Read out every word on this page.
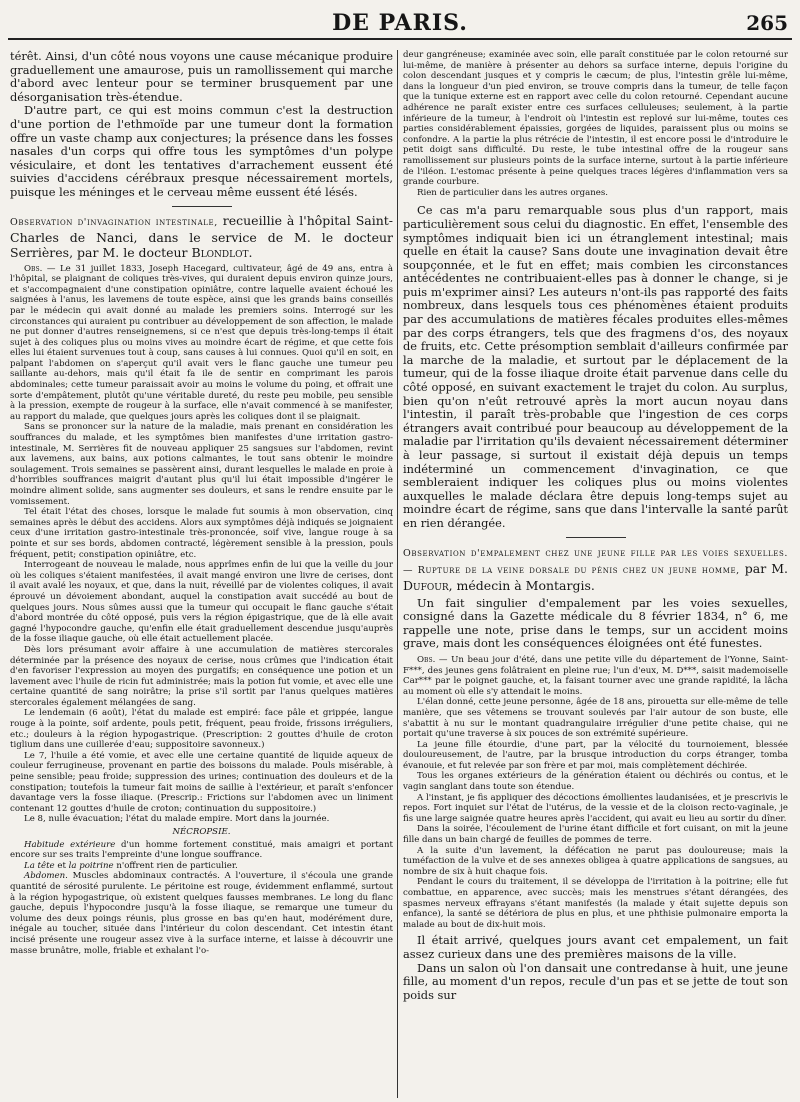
DE PARIS.	265

térêt. Ainsi, d'un côté nous voyons une cause mécanique produire graduellement une amaurose, puis un ramollissement qui marche d'abord avec lenteur pour se terminer brusquement par une désorganisation très-étendue.

D'autre part, ce qui est moins commun c'est la destruction d'une portion de l'ethmoïde par une tumeur dont la formation offre un vaste champ aux conjectures; la présence dans les fosses nasales d'un corps qui offre tous les symptômes d'un polype vésiculaire, et dont les tentatives d'arrachement eussent été suivies d'accidens cérébraux presque nécessairement mortels, puisque les méninges et le cerveau même eussent été lésés.

Observation d'invagination intestinale, recueillie à l'hôpital Saint-Charles de Nanci, dans le service de M. le docteur Serrières, par M. le docteur Blondlot.

Obs. — Le 31 juillet 1833, Joseph Hacegard, cultivateur, âgé de 49 ans, entra à l'hôpital, se plaignant de coliques très-vives, qui duraient depuis environ quinze jours, et s'accompagnaient d'une constipation opiniâtre, contre laquelle avaient échoué les saignées à l'anus, les lavemens de toute espèce, ainsi que les grands bains conseillés par le médecin qui avait donné au malade les premiers soins. Interrogé sur les circonstances qui auraient pu contribuer au développement de son affection, le malade ne put donner d'autres renseignemens, si ce n'est que depuis très-long-temps il était sujet à des coliques plus ou moins vives au moindre écart de régime, et que cette fois elles lui étaient survenues tout à coup, sans causes à lui connues. Quoi qu'il en soit, en palpant l'abdomen on s'aperçut qu'il avait vers le flanc gauche une tumeur peu saillante au-dehors, mais qu'il était fa ile de sentir en comprimant les parois abdominales; cette tumeur paraissait avoir au moins le volume du poing, et offrait une sorte d'empâtement, plutôt qu'une véritable dureté, du reste peu mobile, peu sensible à la pression, exempte de rougeur à la surface, elle n'avait commencé à se manifester, au rapport du malade, que quelques jours après les coliques dont il se plaignait.

Sans se prononcer sur la nature de la maladie, mais prenant en considération les souffrances du malade, et les symptômes bien manifestes d'une irritation gastro-intestinale, M. Serrières fit de nouveau appliquer 25 sangsues sur l'abdomen, revint aux lavemens, aux bains, aux potions calmantes, le tout sans obtenir le moindre soulagement. Trois semaines se passèrent ainsi, durant lesquelles le malade en proie à d'horribles souffrances maigrit d'autant plus qu'il lui était impossible d'ingérer le moindre aliment solide, sans augmenter ses douleurs, et sans le rendre ensuite par le vomissement.

Tel était l'état des choses, lorsque le malade fut soumis à mon observation, cinq semaines après le début des accidens. Alors aux symptômes déjà indiqués se joignaient ceux d'une irritation gastro-intestinale très-prononcée, soif vive, langue rouge à sa pointe et sur ses bords, abdomen contracté, légèrement sensible à la pression, pouls fréquent, petit; constipation opiniâtre, etc.

Interrogeant de nouveau le malade, nous apprîmes enfin de lui que la veille du jour où les coliques s'étaient manifestées, il avait mangé environ une livre de cerises, dont il avait avalé les noyaux, et que, dans la nuit, réveillé par de violentes coliques, il avait éprouvé un dévoiement abondant, auquel la constipation avait succédé au bout de quelques jours. Nous sûmes aussi que la tumeur qui occupait le flanc gauche s'était d'abord montrée du côté opposé, puis vers la région épigastrique, que de là elle avait gagné l'hypocondre gauche, qu'enfin elle était graduellement descendue jusqu'auprès de la fosse iliaque gauche, où elle était actuellement placée.

Dès lors présumant avoir affaire à une accumulation de matières stercorales déterminée par la présence des noyaux de cerise, nous crûmes que l'indication était d'en favoriser l'expression au moyen des purgatifs; en conséquence une potion et un lavement avec l'huile de ricin fut administrée; mais la potion fut vomie, et avec elle une certaine quantité de sang noirâtre; la prise s'il sortit par l'anus quelques matières stercorales également mélangées de sang.

Le lendemain (6 août), l'état du malade est empiré: face pâle et grippée, langue rouge à la pointe, soif ardente, pouls petit, fréquent, peau froide, frissons irréguliers, etc.; douleurs à la région hypogastrique. (Prescription: 2 gouttes d'huile de croton tiglium dans une cuillerée d'eau; suppositoire savonneux.)

Le 7, l'huile a été vomie, et avec elle une certaine quantité de liquide aqueux de couleur ferrugineuse, provenant en partie des boissons du malade. Pouls misérable, à peine sensible; peau froide; suppression des urines; continuation des douleurs et de la constipation; toutefois la tumeur fait moins de saillie à l'extérieur, et paraît s'enfoncer davantage vers la fosse iliaque. (Prescrip.: Frictions sur l'abdomen avec un liniment contenant 12 gouttes d'huile de croton; continuation du suppositoire.)

Le 8, nulle évacuation; l'état du malade empire. Mort dans la journée.

NÉCROPSIE.

Habitude extérieure d'un homme fortement constitué, mais amaigri et portant encore sur ses traits l'empreinte d'une longue souffrance.

La tête et la poitrine n'offrent rien de particulier.

Abdomen. Muscles abdominaux contractés. A l'ouverture, il s'écoula une grande quantité de sérosité purulente. Le péritoine est rouge, évidemment enflammé, surtout à la région hypogastrique, où existent quelques fausses membranes. Le long du flanc gauche, depuis l'hypocondre jusqu'à la fosse iliaque, se remarque une tumeur du volume des deux poings réunis, plus grosse en bas qu'en haut, modérément dure, inégale au toucher, située dans l'intérieur du colon descendant. Cet intestin étant incisé présente une rougeur assez vive à la surface interne, et laisse à découvrir une masse brunâtre, molle, friable et exhalant l'o-

deur gangréneuse; examinée avec soin, elle paraît constituée par le colon retourné sur lui-même, de manière à présenter au dehors sa surface interne, depuis l'origine du colon descendant jusques et y compris le cæcum; de plus, l'intestin grêle lui-même, dans la longueur d'un pied environ, se trouve compris dans la tumeur, de telle façon que la tunique externe est en rapport avec celle du colon retourné. Cependant aucune adhérence ne paraît exister entre ces surfaces celluleuses; seulement, à la partie inférieure de la tumeur, à l'endroit où l'intestin est replové sur lui-même, toutes ces parties considérablement épaissies, gorgées de liquides, paraissent plus ou moins se confondre. A la partie la plus rétrécie de l'intestin, il est encore possi le d'introduire le petit doigt sans difficulté. Du reste, le tube intestinal offre de la rougeur sans ramollissement sur plusieurs points de la surface interne, surtout à la partie inférieure de l'iléon. L'estomac présente à peine quelques traces légères d'inflammation vers sa grande courbure.

Rien de particulier dans les autres organes.

Ce cas m'a paru remarquable sous plus d'un rapport, mais particulièrement sous celui du diagnostic. En effet, l'ensemble des symptômes indiquait bien ici un étranglement intestinal; mais quelle en était la cause? Sans doute une invagination devait être soupçonnée, et le fut en effet; mais combien les circonstances antécédentes ne contribuaient-elles pas à donner le change, si je puis m'exprimer ainsi? Les auteurs n'ont-ils pas rapporté des faits nombreux, dans lesquels tous ces phénomènes étaient produits par des accumulations de matières fécales produites elles-mêmes par des corps étrangers, tels que des fragmens d'os, des noyaux de fruits, etc. Cette présomption semblait d'ailleurs confirmée par la marche de la maladie, et surtout par le déplacement de la tumeur, qui de la fosse iliaque droite était parvenue dans celle du côté opposé, en suivant exactement le trajet du colon. Au surplus, bien qu'on n'eût retrouvé après la mort aucun noyau dans l'intestin, il paraît très-probable que l'ingestion de ces corps étrangers avait contribué pour beaucoup au développement de la maladie par l'irritation qu'ils devaient nécessairement déterminer à leur passage, si surtout il existait déjà depuis un temps indéterminé un commencement d'invagination, ce que sembleraient indiquer les coliques plus ou moins violentes auxquelles le malade déclara être depuis long-temps sujet au moindre écart de régime, sans que dans l'intervalle la santé parût en rien dérangée.

Observation d'empalement chez une jeune fille par les voies sexuelles. — Rupture de la veine dorsale du pénis chez un jeune homme, par M. Dufour, médecin à Montargis.

Un fait singulier d'empalement par les voies sexuelles, consigné dans la Gazette médicale du 8 février 1834, n° 6, me rappelle une note, prise dans le temps, sur un accident moins grave, mais dont les conséquences éloignées ont été funestes.

Obs. — Un beau jour d'été, dans une petite ville du département de l'Yonne, Saint-F***, des jeunes gens folâtraient en pleine rue; l'un d'eux, M. D***, saisit mademoiselle Car*** par le poignet gauche, et, la faisant tourner avec une grande rapidité, la lâcha au moment où elle s'y attendait le moins.

L'élan donné, cette jeune personne, âgée de 18 ans, pirouetta sur elle-même de telle manière, que ses vêtemens se trouvant soulevés par l'air autour de son buste, elle s'abattit à nu sur le montant quadrangulaire irrégulier d'une petite chaise, qui ne portait qu'une traverse à six pouces de son extrémité supérieure.

La jeune fille étourdie, d'une part, par la vélocité du tournoiement, blessée douloureusement, de l'autre, par la brusque introduction du corps étranger, tomba évanouie, et fut relevée par son frère et par moi, mais complètement déchirée.

Tous les organes extérieurs de la génération étaient ou déchirés ou contus, et le vagin sanglant dans toute son étendue.

A l'instant, je fis appliquer des décoctions émollientes laudanisées, et je prescrivis le repos. Fort inquiet sur l'état de l'utérus, de la vessie et de la cloison recto-vaginale, je fis une large saignée quatre heures après l'accident, qui avait eu lieu au sortir du dîner.

Dans la soirée, l'écoulement de l'urine étant difficile et fort cuisant, on mit la jeune fille dans un bain chargé de feuilles de pommes de terre.

A la suite d'un lavement, la défécation ne parut pas douloureuse; mais la tuméfaction de la vulve et de ses annexes obligea à quatre applications de sangsues, au nombre de six à huit chaque fois.

Pendant le cours du traitement, il se développa de l'irritation à la poitrine; elle fut combattue, en apparence, avec succès; mais les menstrues s'étant dérangées, des spasmes nerveux effrayans s'étant manifestés (la malade y était sujette depuis son enfance), la santé se détériora de plus en plus, et une phthisie pulmonaire emporta la malade au bout de dix-huit mois.

Il était arrivé, quelques jours avant cet empalement, un fait assez curieux dans une des premières maisons de la ville.

Dans un salon où l'on dansait une contredanse à huit, une jeune fille, au moment d'un repos, recule d'un pas et se jette de tout son poids sur
